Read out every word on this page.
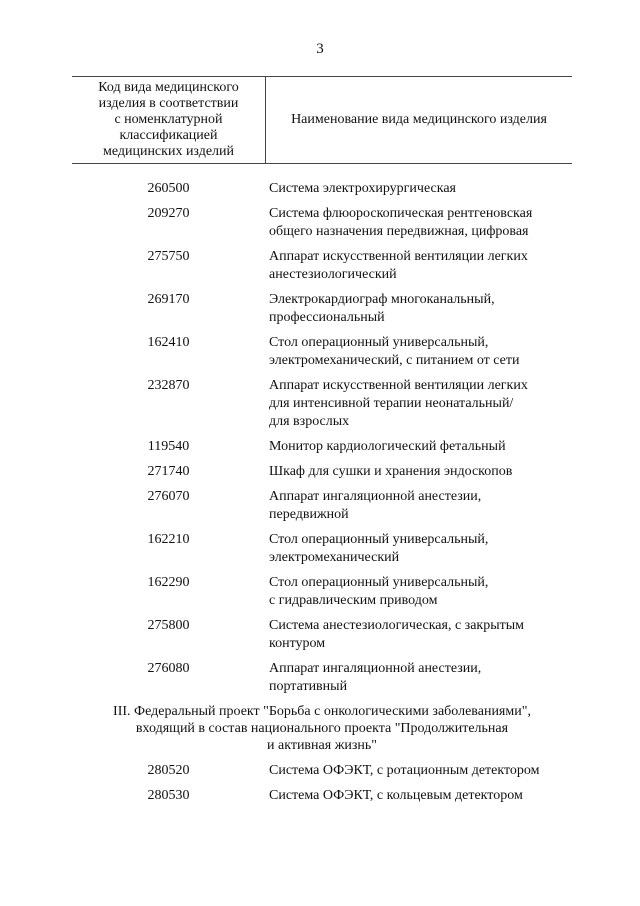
3
Код вида медицинского
изделия в соответствии
с номенклатурной
классификацией
медицинских изделий
Наименование вида медицинского изделия
260500	Система электрохирургическая
209270	Система флюороскопическая рентгеновская
общего назначения передвижная, цифровая
275750	Аппарат искусственной вентиляции легких
анестезиологический
269170	Электрокардиограф многоканальный,
профессиональный
162410	Стол операционный универсальный,
электромеханический, с питанием от сети
232870	Аппарат искусственной вентиляции легких
для интенсивной терапии неонатальный/
для взрослых
119540	Монитор кардиологический фетальный
271740	Шкаф для сушки и хранения эндоскопов
276070	Аппарат ингаляционной анестезии,
передвижной
162210	Стол операционный универсальный,
электромеханический
162290	Стол операционный универсальный,
с гидравлическим приводом
275800	Система анестезиологическая, с закрытым
контуром
276080	Аппарат ингаляционной анестезии,
портативный
III. Федеральный проект "Борьба с онкологическими заболеваниями",
входящий в состав национального проекта "Продолжительная
и активная жизнь"
280520	Система ОФЭКТ, с ротационным детектором
280530	Система ОФЭКТ, с кольцевым детектором
